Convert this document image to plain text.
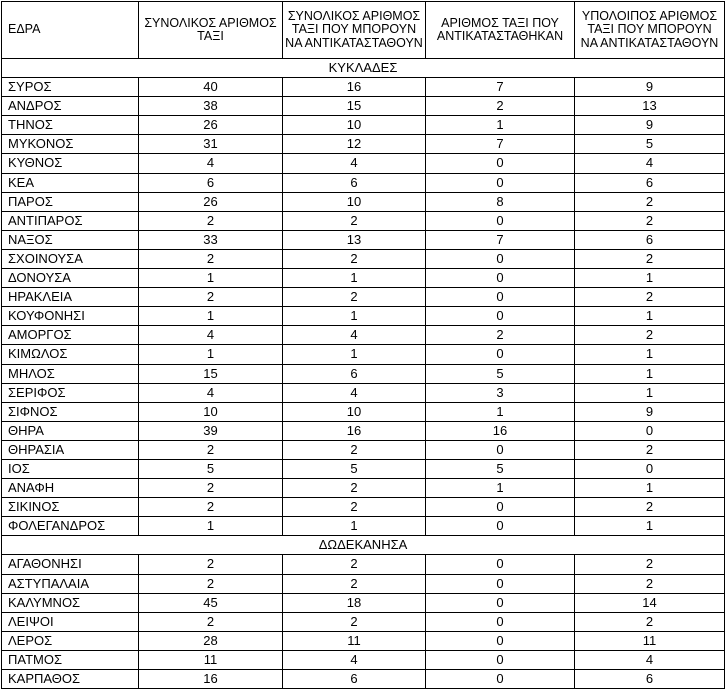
ΕΔΡΑ	ΣΥΝΟΛΙΚΟΣ ΑΡΙΘΜΟΣ ΤΑΞΙ	ΣΥΝΟΛΙΚΟΣ ΑΡΙΘΜΟΣ ΤΑΞΙ ΠΟΥ ΜΠΟΡΟΥΝ ΝΑ ΑΝΤΙΚΑΤΑΣΤΑΘΟΥΝ	ΑΡΙΘΜΟΣ ΤΑΞΙ ΠΟΥ ΑΝΤΙΚΑΤΑΣΤΑΘΗΚΑΝ	ΥΠΟΛΟΙΠΟΣ ΑΡΙΘΜΟΣ ΤΑΞΙ ΠΟΥ ΜΠΟΡΟΥΝ ΝΑ ΑΝΤΙΚΑΤΑΣΤΑΘΟΥΝ
ΚΥΚΛΑΔΕΣ				
ΣΥΡΟΣ	40	16	7	9
ΑΝΔΡΟΣ	38	15	2	13
ΤΗΝΟΣ	26	10	1	9
ΜΥΚΟΝΟΣ	31	12	7	5
ΚΥΘΝΟΣ	4	4	0	4
ΚΕΑ	6	6	0	6
ΠΑΡΟΣ	26	10	8	2
ΑΝΤΙΠΑΡΟΣ	2	2	0	2
ΝΑΞΟΣ	33	13	7	6
ΣΧΟΙΝΟΥΣΑ	2	2	0	2
ΔΟΝΟΥΣΑ	1	1	0	1
ΗΡΑΚΛΕΙΑ	2	2	0	2
ΚΟΥΦΟΝΗΣΙ	1	1	0	1
ΑΜΟΡΓΟΣ	4	4	2	2
ΚΙΜΩΛΟΣ	1	1	0	1
ΜΗΛΟΣ	15	6	5	1
ΣΕΡΙΦΟΣ	4	4	3	1
ΣΙΦΝΟΣ	10	10	1	9
ΘΗΡΑ	39	16	16	0
ΘΗΡΑΣΙΑ	2	2	0	2
ΙΟΣ	5	5	5	0
ΑΝΑΦΗ	2	2	1	1
ΣΙΚΙΝΟΣ	2	2	0	2
ΦΟΛΕΓΑΝΔΡΟΣ	1	1	0	1
ΔΩΔΕΚΑΝΗΣΑ				
ΑΓΑΘΟΝΗΣΙ	2	2	0	2
ΑΣΤΥΠΑΛΑΙΑ	2	2	0	2
ΚΑΛΥΜΝΟΣ	45	18	0	14
ΛΕΙΨΟΙ	2	2	0	2
ΛΕΡΟΣ	28	11	0	11
ΠΑΤΜΟΣ	11	4	0	4
ΚΑΡΠΑΘΟΣ	16	6	0	6
